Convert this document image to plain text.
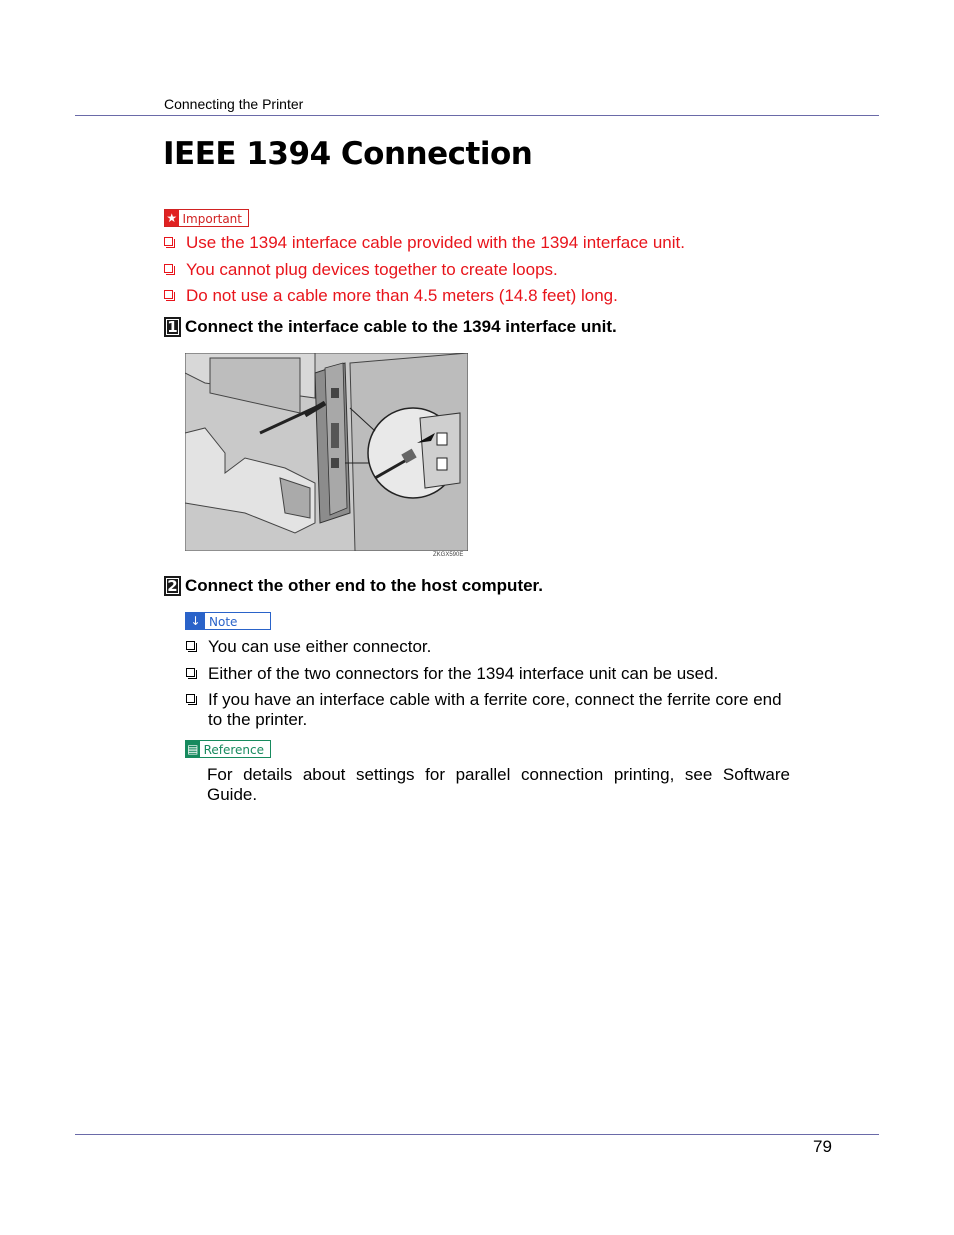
Connecting the Printer
IEEE 1394 Connection
★ Important
Use the 1394 interface cable provided with the 1394 interface unit.
You cannot plug devices together to create loops.
Do not use a cable more than 4.5 meters (14.8 feet) long.
1 Connect the interface cable to the 1394 interface unit.
ZKGX590E
2 Connect the other end to the host computer.
↓ Note
You can use either connector.
Either of the two connectors for the 1394 interface unit can be used.
If you have an interface cable with a ferrite core, connect the ferrite core end to the printer.
▤ Reference

For details about settings for parallel connection printing, see Software Guide.

79
